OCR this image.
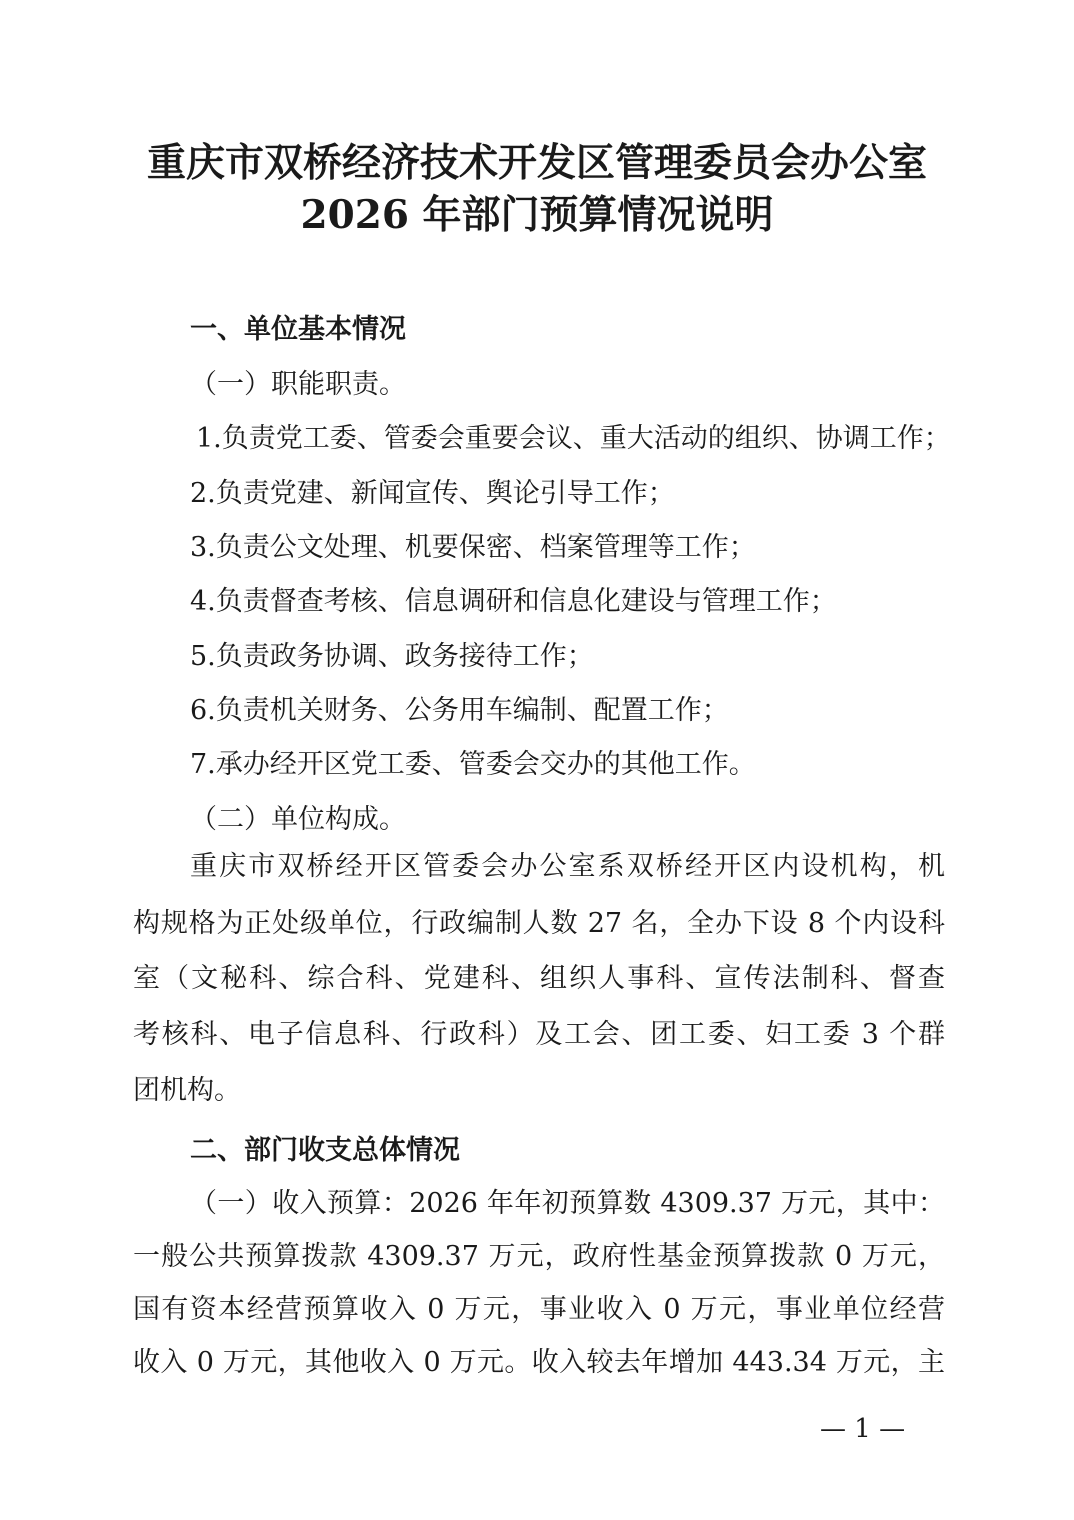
重庆市双桥经济技术开发区管理委员会办公室
2026 年部门预算情况说明

一、单位基本情况

（一）职能职责。

1.负责党工委、管委会重要会议、重大活动的组织、协调工作；

2.负责党建、新闻宣传、舆论引导工作；

3.负责公文处理、机要保密、档案管理等工作；

4.负责督查考核、信息调研和信息化建设与管理工作；

5.负责政务协调、政务接待工作；

6.负责机关财务、公务用车编制、配置工作；

7.承办经开区党工委、管委会交办的其他工作。

（二）单位构成。

重庆市双桥经开区管委会办公室系双桥经开区内设机构，机

构规格为正处级单位，行政编制人数 27 名，全办下设 8 个内设科

室（文秘科、综合科、党建科、组织人事科、宣传法制科、督查

考核科、电子信息科、行政科）及工会、团工委、妇工委 3 个群

团机构。

二、部门收支总体情况

（一）收入预算：2026 年年初预算数 4309.37 万元，其中：

一般公共预算拨款 4309.37 万元，政府性基金预算拨款 0 万元，

国有资本经营预算收入 0 万元，事业收入 0 万元，事业单位经营

收入 0 万元，其他收入 0 万元。收入较去年增加 443.34 万元，主

— 1 —
